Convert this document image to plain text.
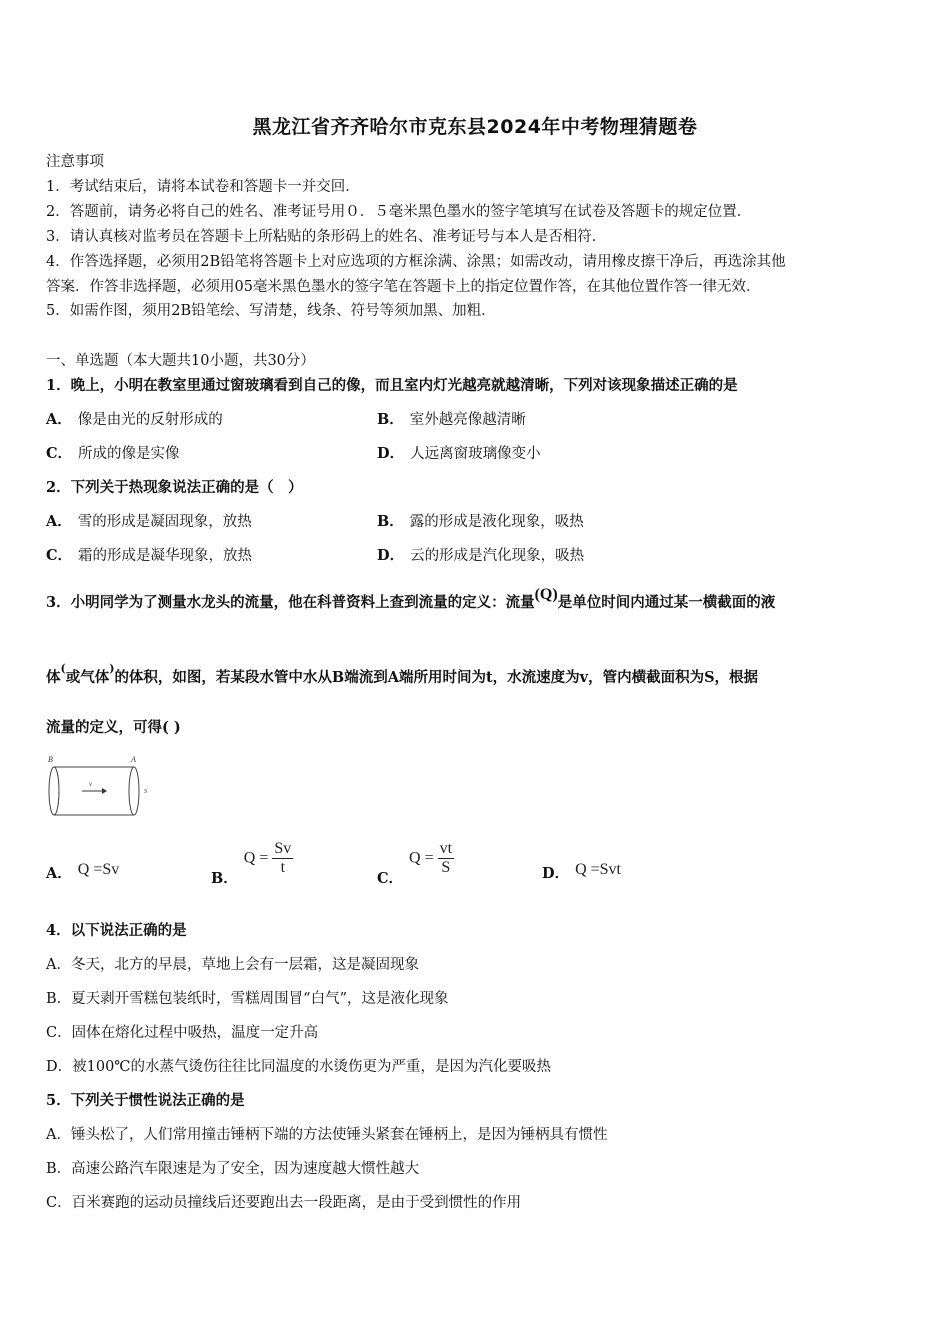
黑龙江省齐齐哈尔市克东县2024年中考物理猜题卷
注意事项
1．考试结束后，请将本试卷和答题卡一并交回．
2．答题前，请务必将自己的姓名、准考证号用０．５毫米黑色墨水的签字笔填写在试卷及答题卡的规定位置．
3．请认真核对监考员在答题卡上所粘贴的条形码上的姓名、准考证号与本人是否相符．
4．作答选择题，必须用2B铅笔将答题卡上对应选项的方框涂满、涂黑；如需改动，请用橡皮擦干净后，再选涂其他
答案．作答非选择题，必须用05毫米黑色墨水的签字笔在答题卡上的指定位置作答，在其他位置作答一律无效．
5．如需作图，须用2B铅笔绘、写清楚，线条、符号等须加黑、加粗．
一、单选题（本大题共10小题，共30分）
1．晚上，小明在教室里通过窗玻璃看到自己的像，而且室内灯光越亮就越清晰，下列对该现象描述正确的是
A． 像是由光的反射形成的	B． 室外越亮像越清晰
C． 所成的像是实像	D． 人远离窗玻璃像变小
2．下列关于热现象说法正确的是（　）
A． 雪的形成是凝固现象，放热	B． 露的形成是液化现象，吸热
C． 霜的形成是凝华现象，放热	D． 云的形成是汽化现象，吸热
3．小明同学为了测量水龙头的流量，他在科普资料上查到流量的定义：流量(Q)是单位时间内通过某一横截面的液
体(或气体)的体积，如图，若某段水管中水从B端流到A端所用时间为t，水流速度为v，管内横截面积为S，根据
流量的定义，可得( )
B	A
v
S
A． Q =Sv	B．$Q = \frac{Sv}{t}$
C．$Q = \frac{vt}{S}$	D． Q =Svt
4．以下说法正确的是
A．冬天，北方的早晨，草地上会有一层霜，这是凝固现象
B．夏天剥开雪糕包装纸时，雪糕周围冒“白气”，这是液化现象
C．固体在熔化过程中吸热，温度一定升高
D．被100℃的水蒸气烫伤往往比同温度的水烫伤更为严重，是因为汽化要吸热
5．下列关于惯性说法正确的是
A．锤头松了，人们常用撞击锤柄下端的方法使锤头紧套在锤柄上，是因为锤柄具有惯性
B．高速公路汽车限速是为了安全，因为速度越大惯性越大
C．百米赛跑的运动员撞线后还要跑出去一段距离，是由于受到惯性的作用
